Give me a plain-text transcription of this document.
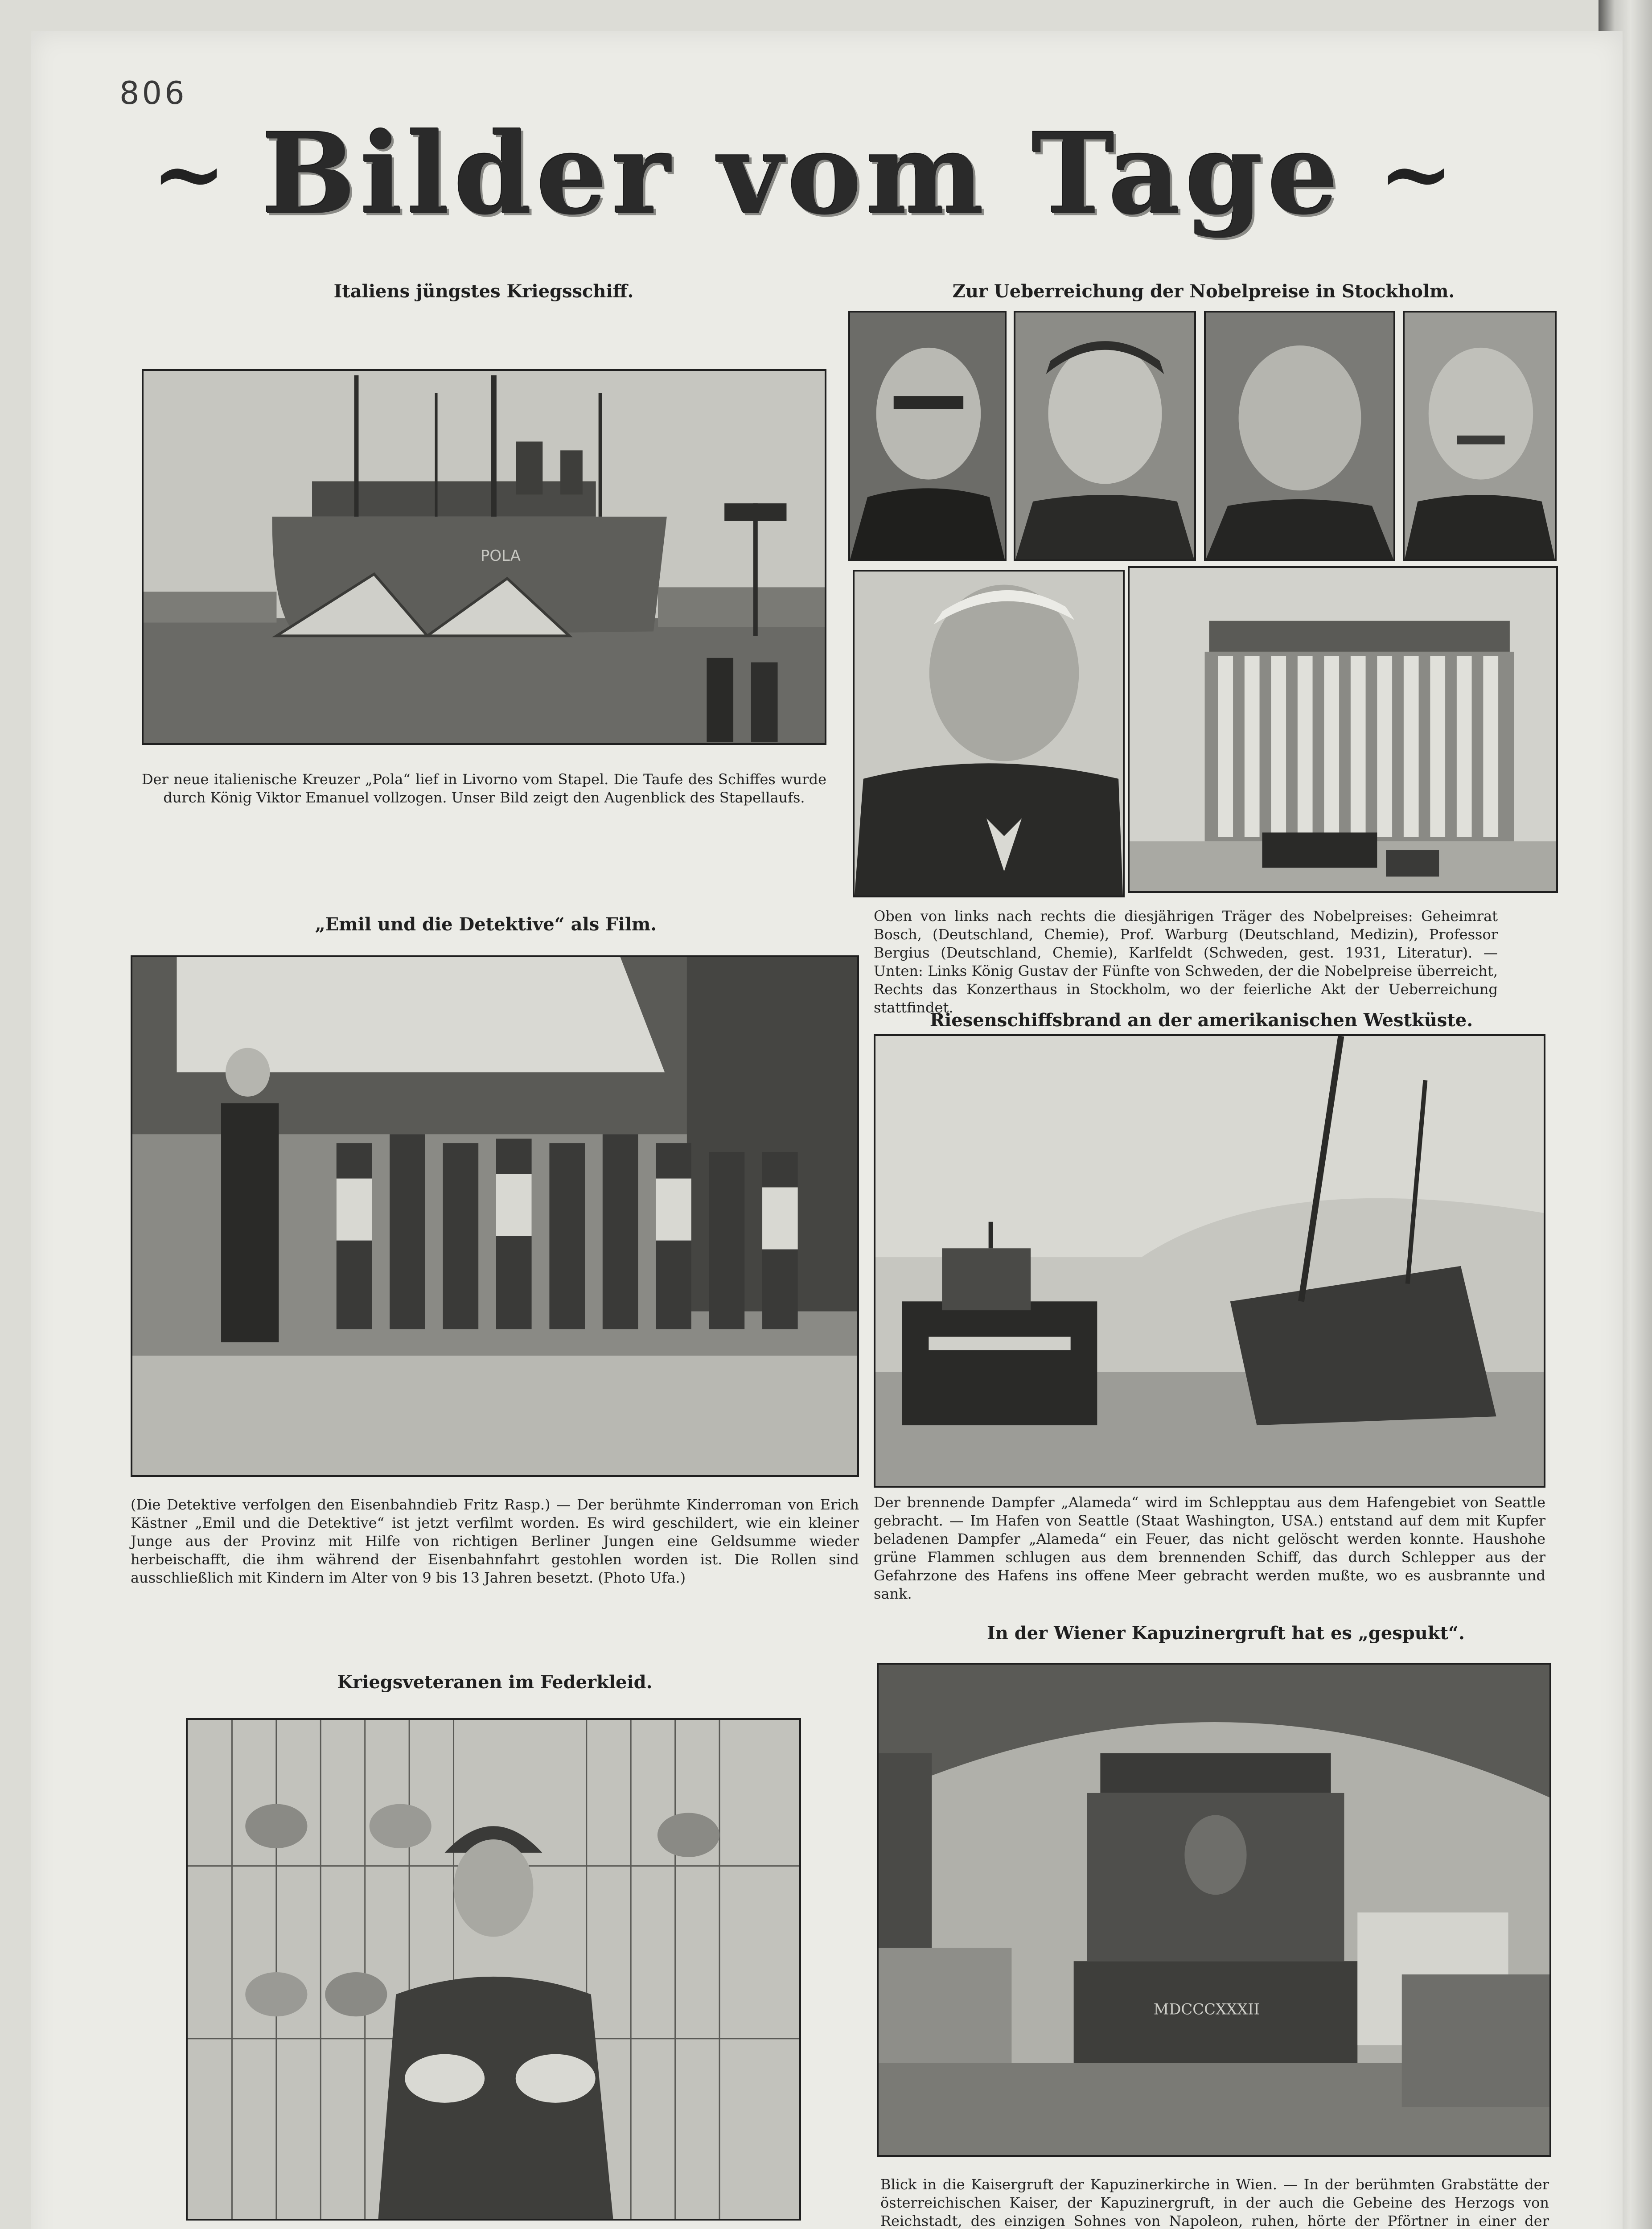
806
~ Bilder vom Tage ~
Italiens jüngstes Kriegsschiff.
POLA
Der neue italienische Kreuzer „Pola“ lief in Livorno vom Stapel. Die Taufe des Schiffes wurde durch König Viktor Emanuel vollzogen. Unser Bild zeigt den Augenblick des Stapellaufs.
Zur Ueberreichung der Nobelpreise in Stockholm.
Oben von links nach rechts die diesjährigen Träger des Nobelpreises: Geheimrat Bosch, (Deutschland, Chemie), Prof. Warburg (Deutschland, Medizin), Professor Bergius (Deutschland, Chemie), Karlfeldt (Schweden, gest. 1931, Literatur). — Unten: Links König Gustav der Fünfte von Schweden, der die Nobelpreise überreicht, Rechts das Konzerthaus in Stockholm, wo der feierliche Akt der Ueberreichung stattfindet.
„Emil und die Detektive“ als Film.
(Die Detektive verfolgen den Eisenbahndieb Fritz Rasp.) — Der berühmte Kinderroman von Erich Kästner „Emil und die Detektive“ ist jetzt verfilmt worden. Es wird geschildert, wie ein kleiner Junge aus der Provinz mit Hilfe von richtigen Berliner Jungen eine Geldsumme wieder herbeischafft, die ihm während der Eisenbahnfahrt gestohlen worden ist. Die Rollen sind ausschließlich mit Kindern im Alter von 9 bis 13 Jahren besetzt. (Photo Ufa.)
Riesenschiffsbrand an der amerikanischen Westküste.
Der brennende Dampfer „Alameda“ wird im Schlepptau aus dem Hafengebiet von Seattle gebracht. — Im Hafen von Seattle (Staat Washington, USA.) entstand auf dem mit Kupfer beladenen Dampfer „Alameda“ ein Feuer, das nicht gelöscht werden konnte. Haushohe grüne Flammen schlugen aus dem brennenden Schiff, das durch Schlepper aus der Gefahrzone des Hafens ins offene Meer gebracht werden mußte, wo es ausbrannte und sank.
Kriegsveteranen im Federkleid.
In der Wiener Kapuzinergruft hat es „gespukt“.
MDCCCXXXII
Blick in die Kaisergruft der Kapuzinerkirche in Wien. — In der berühmten Grabstätte der österreichischen Kaiser, der Kapuzinergruft, in der auch die Gebeine des Herzogs von Reichstadt, des einzigen Sohnes von Napoleon, ruhen, hörte der Pförtner in einer der
